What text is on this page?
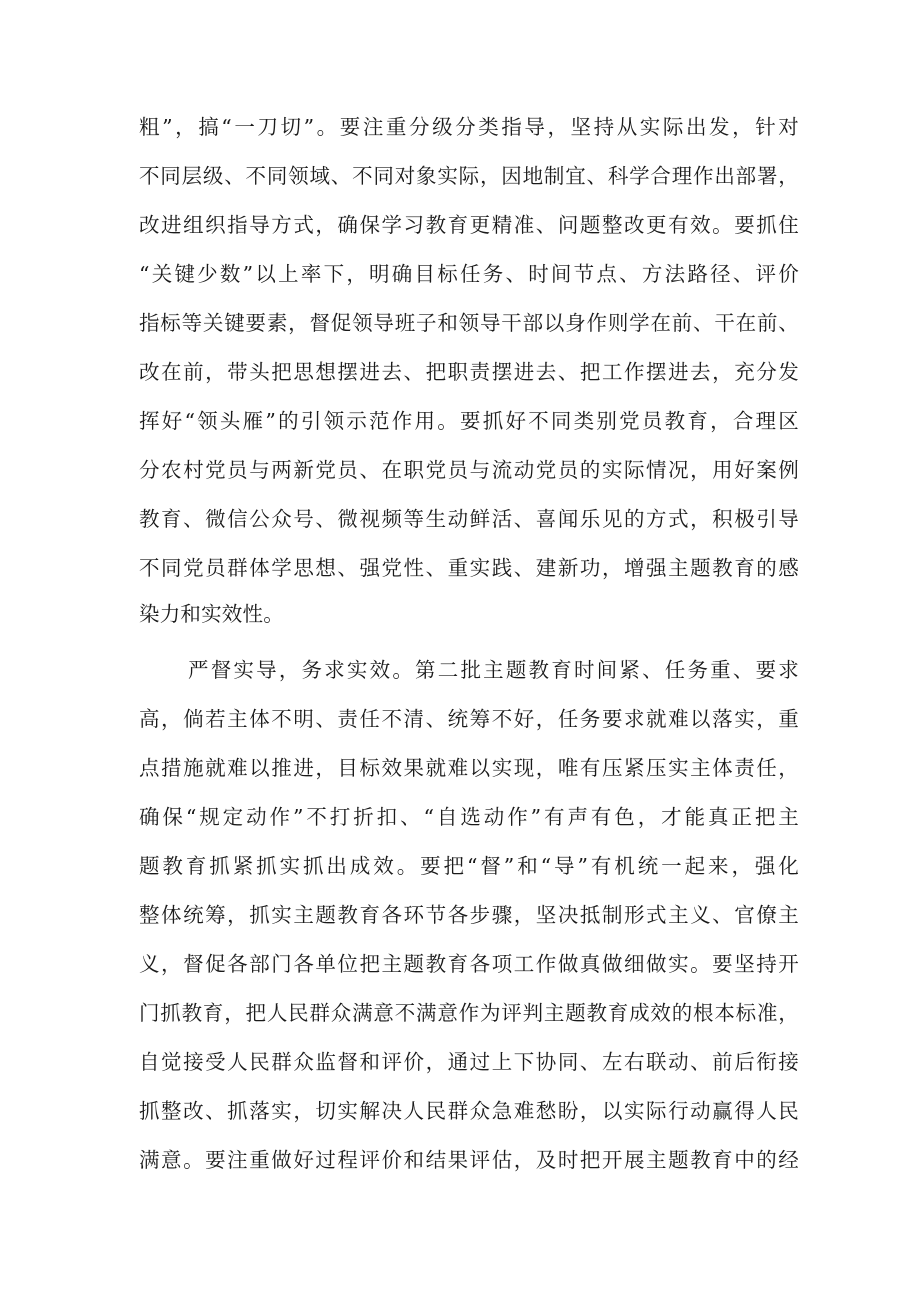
粗”，搞“一刀切”。要注重分级分类指导，坚持从实际出发，针对
不同层级、不同领域、不同对象实际，因地制宜、科学合理作出部署，
改进组织指导方式，确保学习教育更精准、问题整改更有效。要抓住
“关键少数”以上率下，明确目标任务、时间节点、方法路径、评价
指标等关键要素，督促领导班子和领导干部以身作则学在前、干在前、
改在前，带头把思想摆进去、把职责摆进去、把工作摆进去，充分发
挥好“领头雁”的引领示范作用。要抓好不同类别党员教育，合理区
分农村党员与两新党员、在职党员与流动党员的实际情况，用好案例
教育、微信公众号、微视频等生动鲜活、喜闻乐见的方式，积极引导
不同党员群体学思想、强党性、重实践、建新功，增强主题教育的感
染力和实效性。
严督实导，务求实效。第二批主题教育时间紧、任务重、要求
高，倘若主体不明、责任不清、统筹不好，任务要求就难以落实，重
点措施就难以推进，目标效果就难以实现，唯有压紧压实主体责任，
确保“规定动作”不打折扣、“自选动作”有声有色，才能真正把主
题教育抓紧抓实抓出成效。要把“督”和“导”有机统一起来，强化
整体统筹，抓实主题教育各环节各步骤，坚决抵制形式主义、官僚主
义，督促各部门各单位把主题教育各项工作做真做细做实。要坚持开
门抓教育，把人民群众满意不满意作为评判主题教育成效的根本标准，
自觉接受人民群众监督和评价，通过上下协同、左右联动、前后衔接
抓整改、抓落实，切实解决人民群众急难愁盼，以实际行动赢得人民
满意。要注重做好过程评价和结果评估，及时把开展主题教育中的经
